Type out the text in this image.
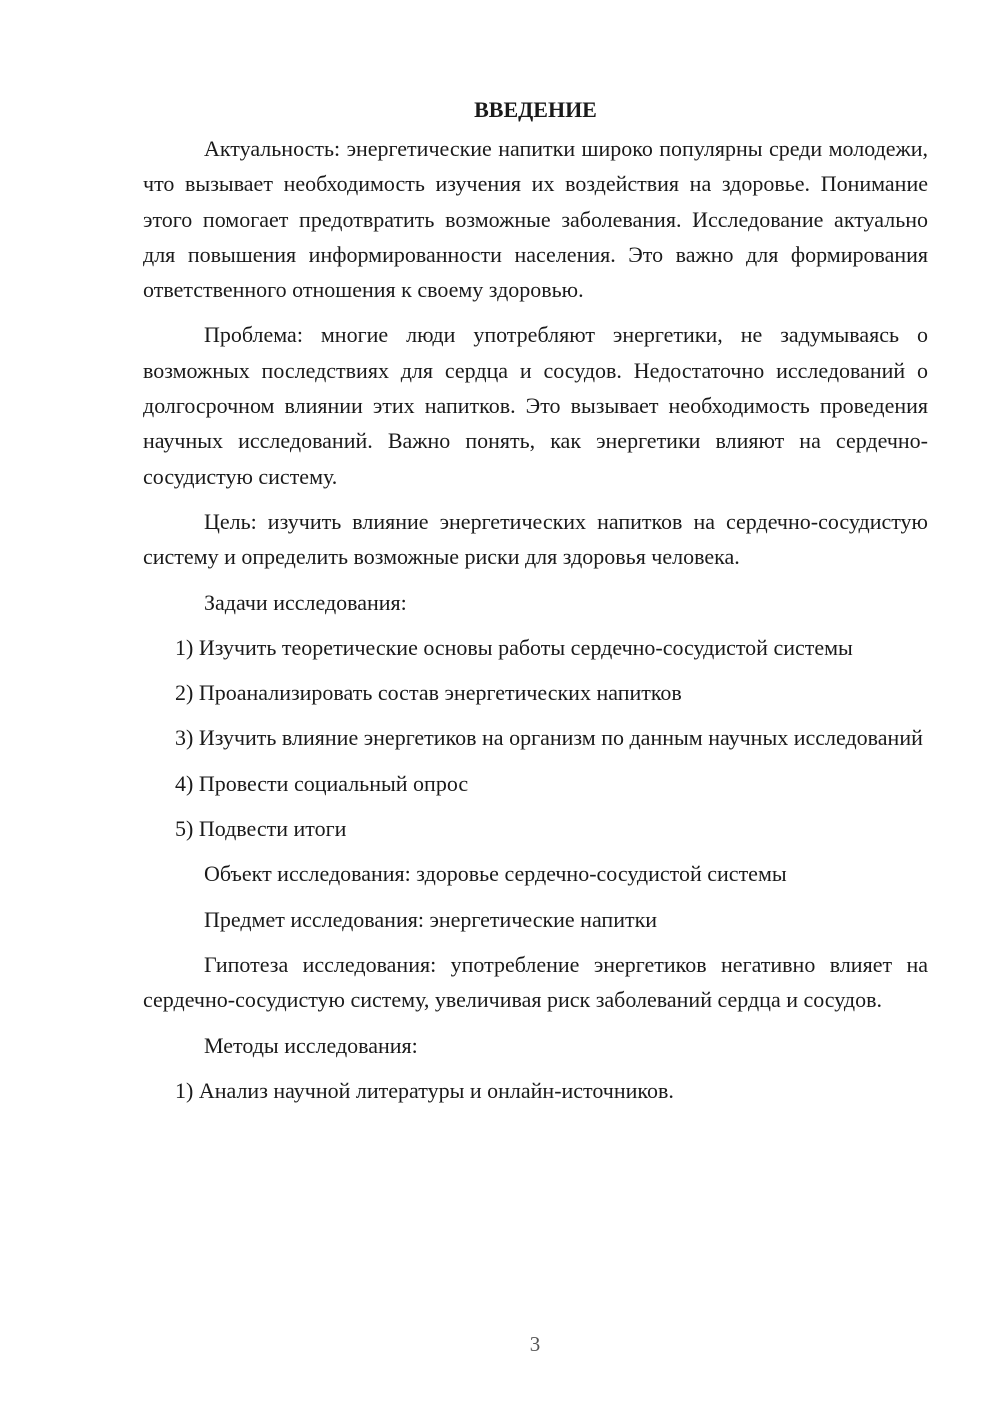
ВВЕДЕНИЕ

Актуальность: энергетические напитки широко популярны среди молодежи, что вызывает необходимость изучения их воздействия на здоровье. Понимание этого помогает предотвратить возможные заболевания. Исследование актуально для повышения информированности населения. Это важно для формирования ответственного отношения к своему здоровью.

Проблема: многие люди употребляют энергетики, не задумываясь о возможных последствиях для сердца и сосудов. Недостаточно исследований о долгосрочном влиянии этих напитков. Это вызывает необходимость проведения научных исследований. Важно понять, как энергетики влияют на сердечно-сосудистую систему.

Цель: изучить влияние энергетических напитков на сердечно-сосудистую систему и определить возможные риски для здоровья человека.

Задачи исследования:

1) Изучить теоретические основы работы сердечно-сосудистой системы

2) Проанализировать состав энергетических напитков

3) Изучить влияние энергетиков на организм по данным научных исследований

4) Провести социальный опрос

5) Подвести итоги

Объект исследования: здоровье сердечно-сосудистой системы

Предмет исследования: энергетические напитки

Гипотеза исследования: употребление энергетиков негативно влияет на сердечно-сосудистую систему, увеличивая риск заболеваний сердца и сосудов.

Методы исследования:

1) Анализ научной литературы и онлайн-источников.

3
